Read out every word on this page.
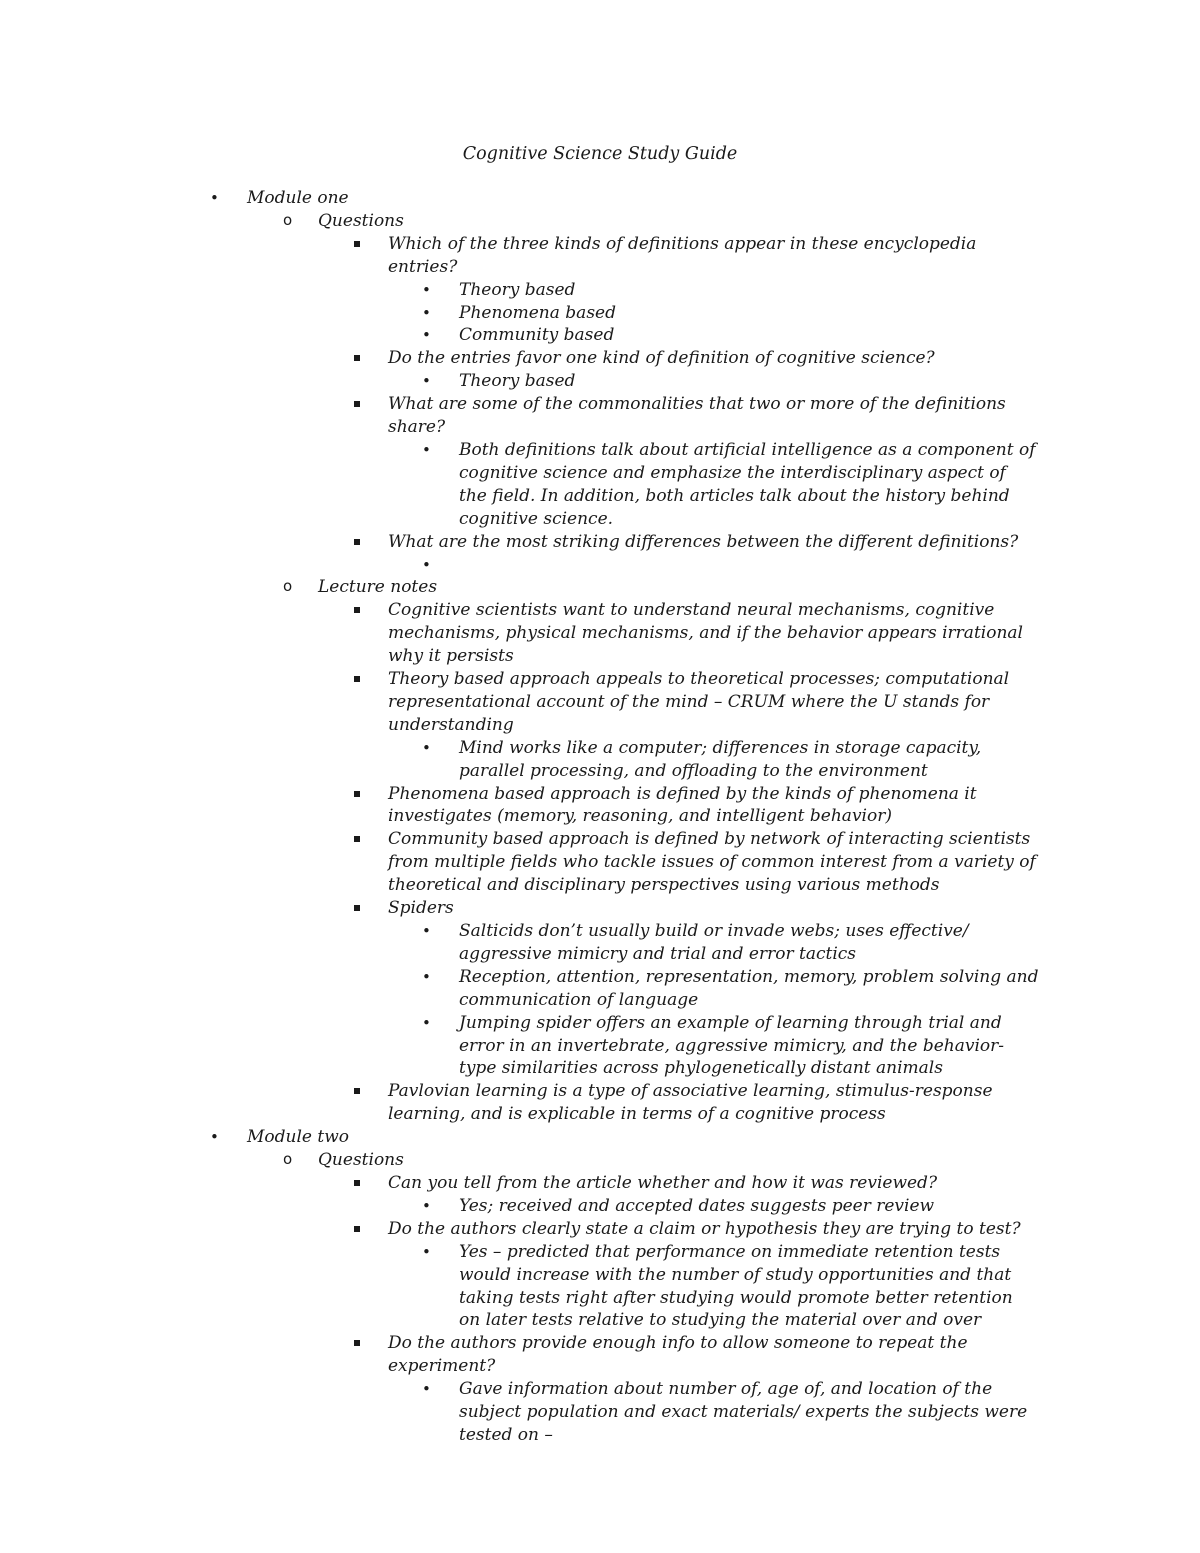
Cognitive Science Study Guide
• Module one
o Questions
Which of the three kinds of definitions appear in these encyclopedia entries?
• Theory based
• Phenomena based
• Community based
Do the entries favor one kind of definition of cognitive science?
• Theory based
What are some of the commonalities that two or more of the definitions share?
• Both definitions talk about artificial intelligence as a component of cognitive science and emphasize the interdisciplinary aspect of the field. In addition, both articles talk about the history behind cognitive science.
What are the most striking differences between the different definitions?
•

o Lecture notes
Cognitive scientists want to understand neural mechanisms, cognitive mechanisms, physical mechanisms, and if the behavior appears irrational why it persists
Theory based approach appeals to theoretical processes; computational representational account of the mind – CRUM where the U stands for understanding
• Mind works like a computer; differences in storage capacity, parallel processing, and offloading to the environment
Phenomena based approach is defined by the kinds of phenomena it investigates (memory, reasoning, and intelligent behavior)
Community based approach is defined by network of interacting scientists from multiple fields who tackle issues of common interest from a variety of theoretical and disciplinary perspectives using various methods
Spiders
• Salticids don’t usually build or invade webs; uses effective/ aggressive mimicry and trial and error tactics
• Reception, attention, representation, memory, problem solving and communication of language
• Jumping spider offers an example of learning through trial and error in an invertebrate, aggressive mimicry, and the behavior-type similarities across phylogenetically distant animals
Pavlovian learning is a type of associative learning, stimulus-response learning, and is explicable in terms of a cognitive process
• Module two
o Questions
Can you tell from the article whether and how it was reviewed?
• Yes; received and accepted dates suggests peer review
Do the authors clearly state a claim or hypothesis they are trying to test?
• Yes – predicted that performance on immediate retention tests would increase with the number of study opportunities and that taking tests right after studying would promote better retention on later tests relative to studying the material over and over
Do the authors provide enough info to allow someone to repeat the experiment?
• Gave information about number of, age of, and location of the subject population and exact materials/ experts the subjects were tested on –
